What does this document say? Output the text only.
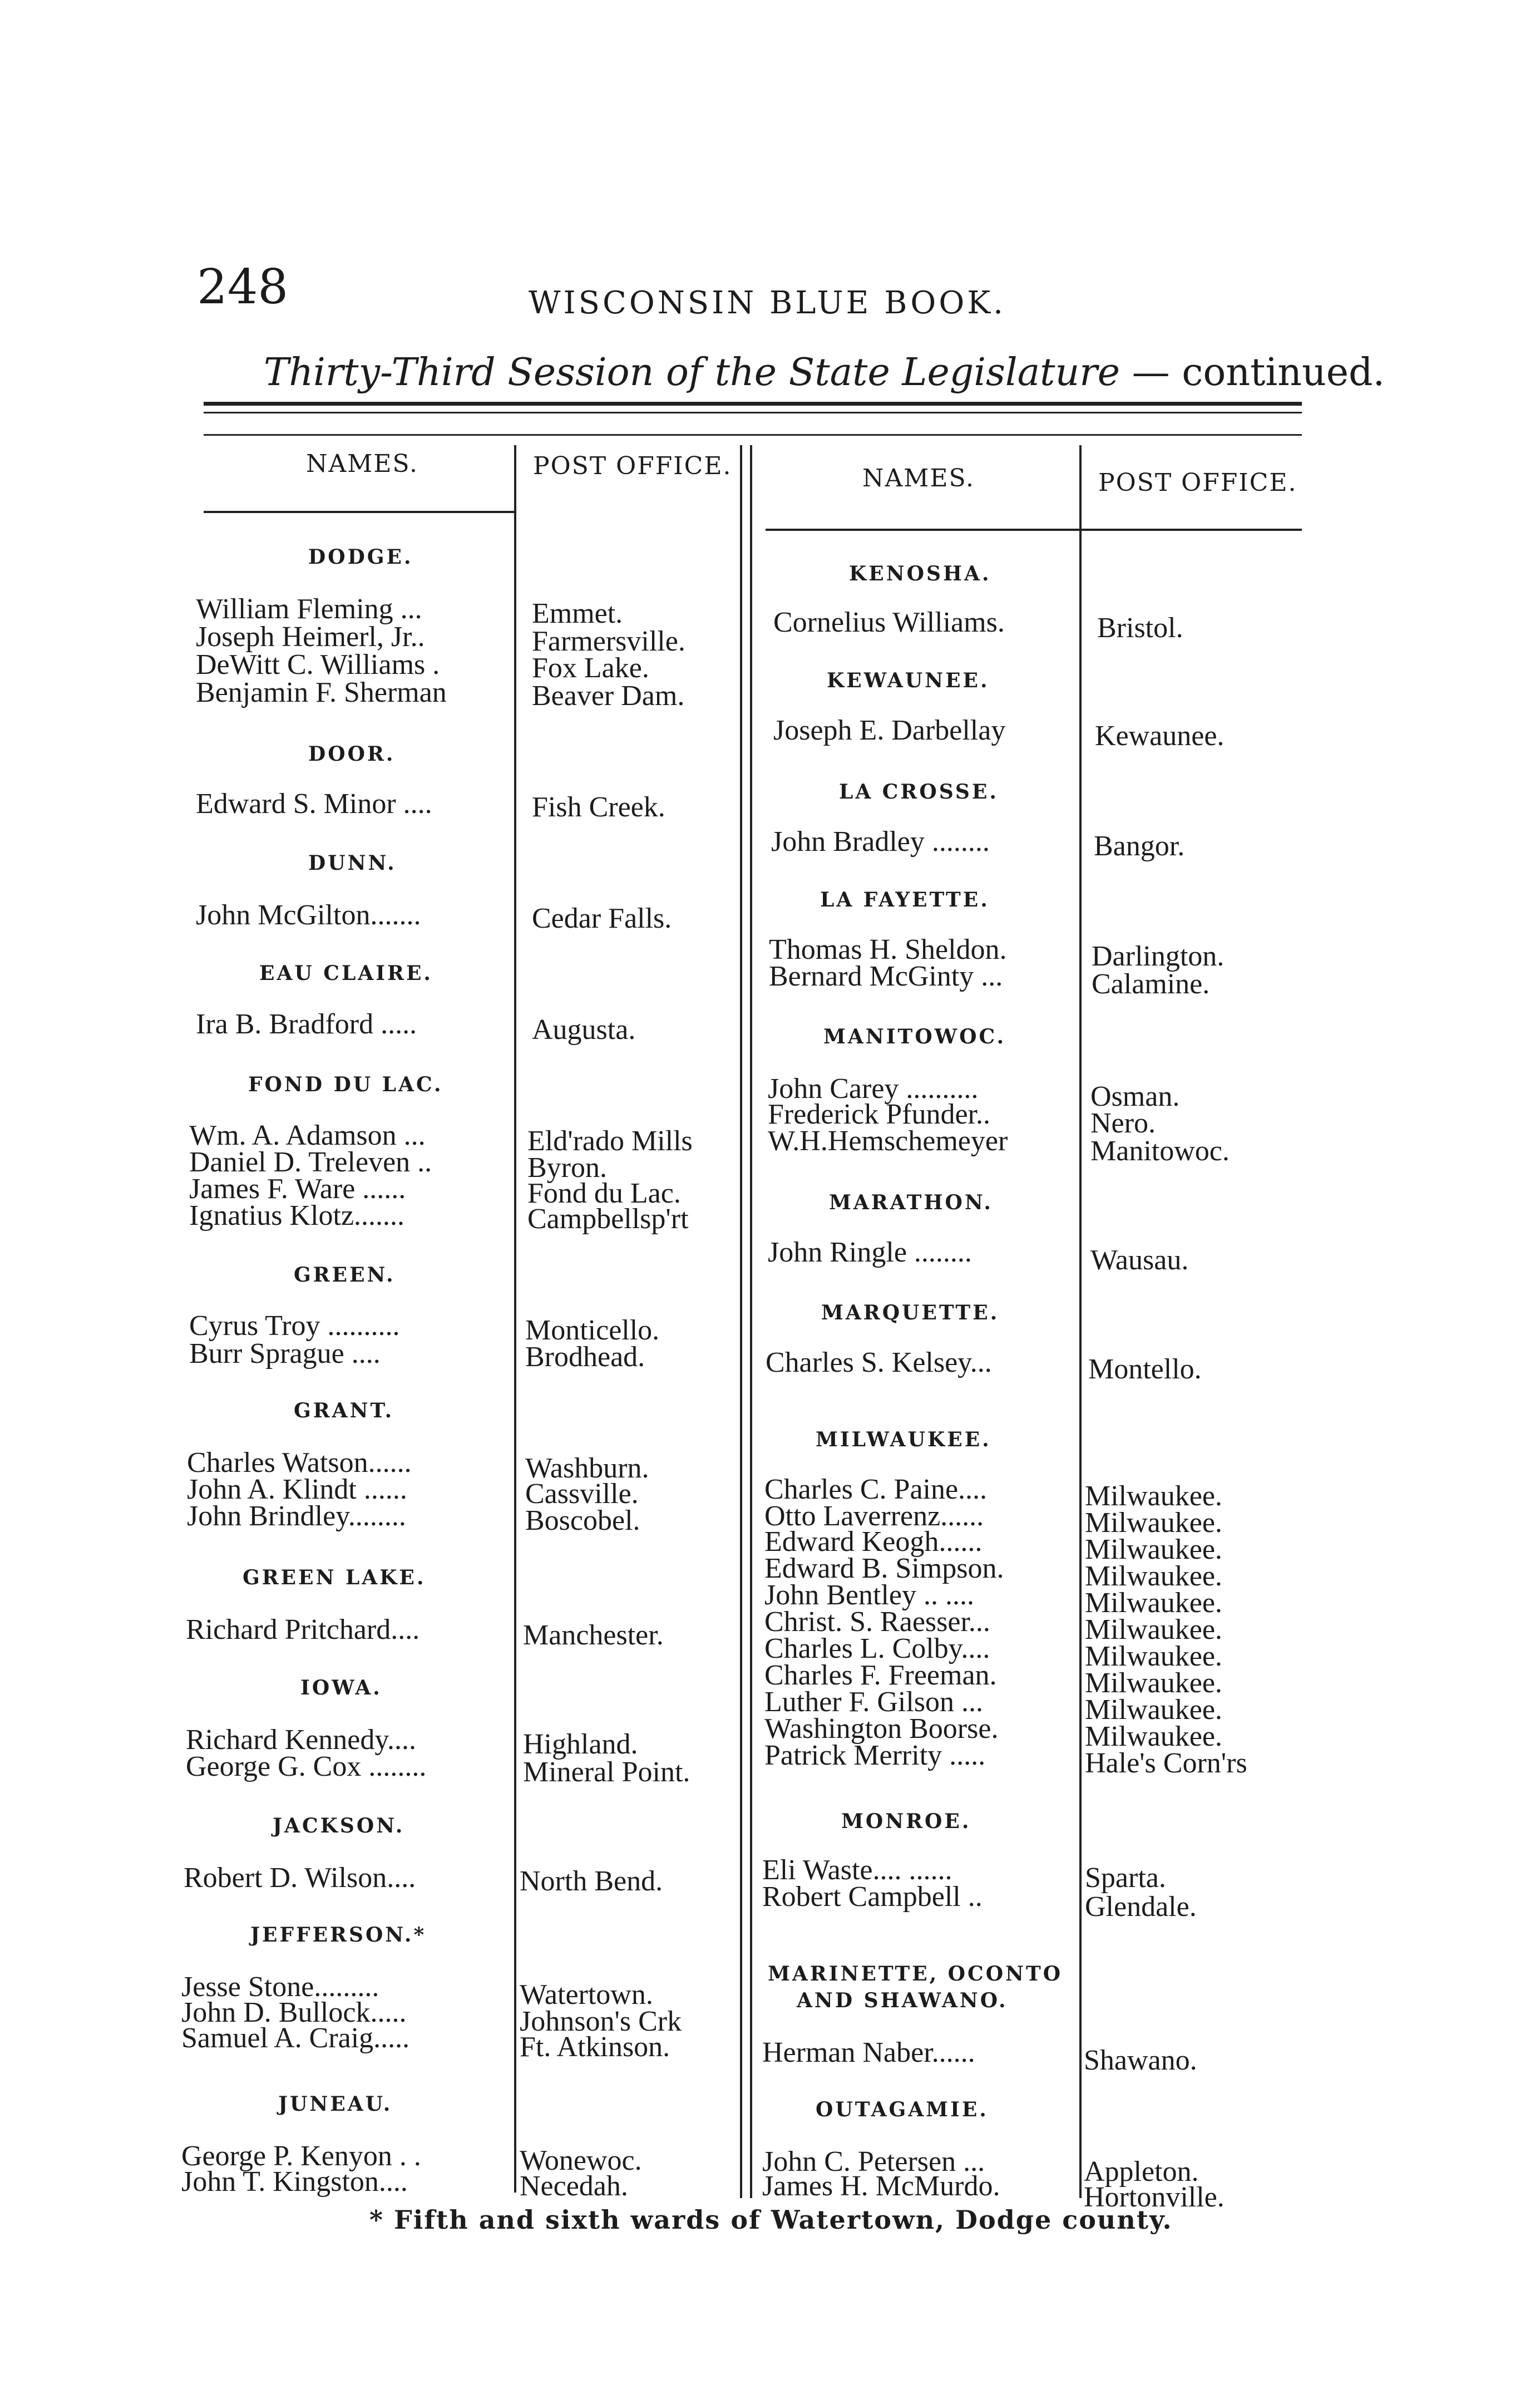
248	WISCONSIN BLUE BOOK.
Thirty-Third Session of the State Legislature — continued.
NAMES.	POST OFFICE.	NAMES.	POST OFFICE.
DODGE.
William Fleming ...	Emmet.
Joseph Heimerl, Jr..	Farmersville.
DeWitt C. Williams .	Fox Lake.
Benjamin F. Sherman	Beaver Dam.
DOOR.
Edward S. Minor ....	Fish Creek.
DUNN.
John McGilton.......	Cedar Falls.
EAU CLAIRE.
Ira B. Bradford .....	Augusta.
FOND DU LAC.
Wm. A. Adamson ...	Eld'rado Mills
Daniel D. Treleven ..	Byron.
James F. Ware ......	Fond du Lac.
Ignatius Klotz.......	Campbellsp'rt
GREEN.
Cyrus Troy ..........	Monticello.
Burr Sprague ....	Brodhead.
GRANT.
Charles Watson......	Washburn.
John A. Klindt ......	Cassville.
John Brindley........	Boscobel.
GREEN LAKE.
Richard Pritchard....	Manchester.
IOWA.
Richard Kennedy....	Highland.
George G. Cox ........	Mineral Point.
JACKSON.
Robert D. Wilson....	North Bend.
JEFFERSON.*
Jesse Stone.........	Watertown.
John D. Bullock.....	Johnson's Crk
Samuel A. Craig.....	Ft. Atkinson.
JUNEAU.
George P. Kenyon . .	Wonewoc.
John T. Kingston....	Necedah.
KENOSHA.
Cornelius Williams.	Bristol.
KEWAUNEE.
Joseph E. Darbellay	Kewaunee.
LA CROSSE.
John Bradley ........	Bangor.
LA FAYETTE.
Thomas H. Sheldon.	Darlington.
Bernard McGinty ...	Calamine.
MANITOWOC.
John Carey ..........	Osman.
Frederick Pfunder..	Nero.
W.H.Hemschemeyer	Manitowoc.
MARATHON.
John Ringle ........	Wausau.
MARQUETTE.
Charles S. Kelsey...	Montello.
MILWAUKEE.
Charles C. Paine....	Milwaukee.
Otto Laverrenz......	Milwaukee.
Edward Keogh......	Milwaukee.
Edward B. Simpson.	Milwaukee.
John Bentley .. ....	Milwaukee.
Christ. S. Raesser...	Milwaukee.
Charles L. Colby....	Milwaukee.
Charles F. Freeman.	Milwaukee.
Luther F. Gilson ...	Milwaukee.
Washington Boorse.	Milwaukee.
Patrick Merrity .....	Hale's Corn'rs
MONROE.
Eli Waste.... ......	Sparta.
Robert Campbell ..	Glendale.
MARINETTE, OCONTO
AND SHAWANO.
Herman Naber......	Shawano.
OUTAGAMIE.
John C. Petersen ...	Appleton.
James H. McMurdo.	Hortonville.
* Fifth and sixth wards of Watertown, Dodge county.
